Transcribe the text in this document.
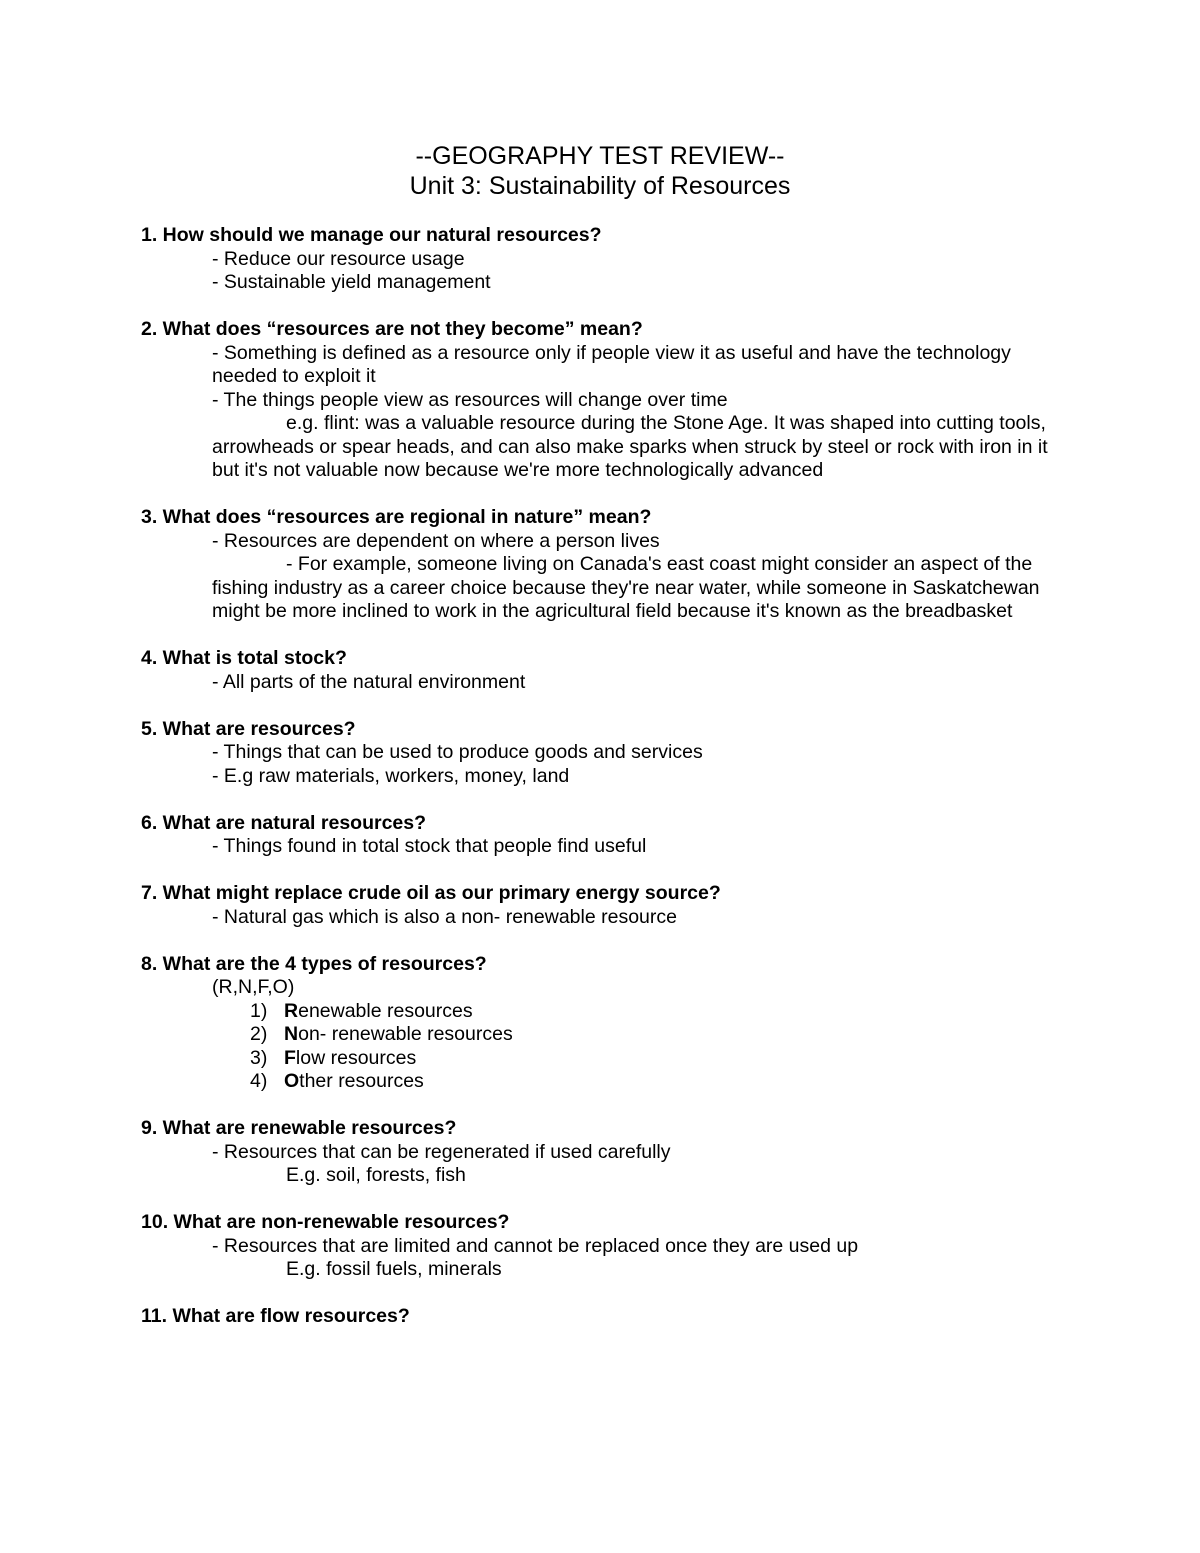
--GEOGRAPHY TEST REVIEW--

Unit 3: Sustainability of Resources

1. How should we manage our natural resources?

- Reduce our resource usage

- Sustainable yield management

2. What does “resources are not they become” mean?

- Something is defined as a resource only if people view it as useful and have the technology needed to exploit it

- The things people view as resources will change over time

e.g. flint: was a valuable resource during the Stone Age. It was shaped into cutting tools, arrowheads or spear heads, and can also make sparks when struck by steel or rock with iron in it but it's not valuable now because we're more technologically advanced

3. What does “resources are regional in nature” mean?

- Resources are dependent on where a person lives

- For example, someone living on Canada's east coast might consider an aspect of the fishing industry as a career choice because they're near water, while someone in Saskatchewan might be more inclined to work in the agricultural field because it's known as the breadbasket

4. What is total stock?

- All parts of the natural environment

5. What are resources?

- Things that can be used to produce goods and services

- E.g raw materials, workers, money, land

6. What are natural resources?

- Things found in total stock that people find useful

7. What might replace crude oil as our primary energy source?

- Natural gas which is also a non- renewable resource

8. What are the 4 types of resources?

(R,N,F,O)

1) Renewable resources

2) Non- renewable resources

3) Flow resources

4) Other resources

9. What are renewable resources?

- Resources that can be regenerated if used carefully

E.g. soil, forests, fish

10. What are non-renewable resources?

- Resources that are limited and cannot be replaced once they are used up

E.g. fossil fuels, minerals

11. What are flow resources?
